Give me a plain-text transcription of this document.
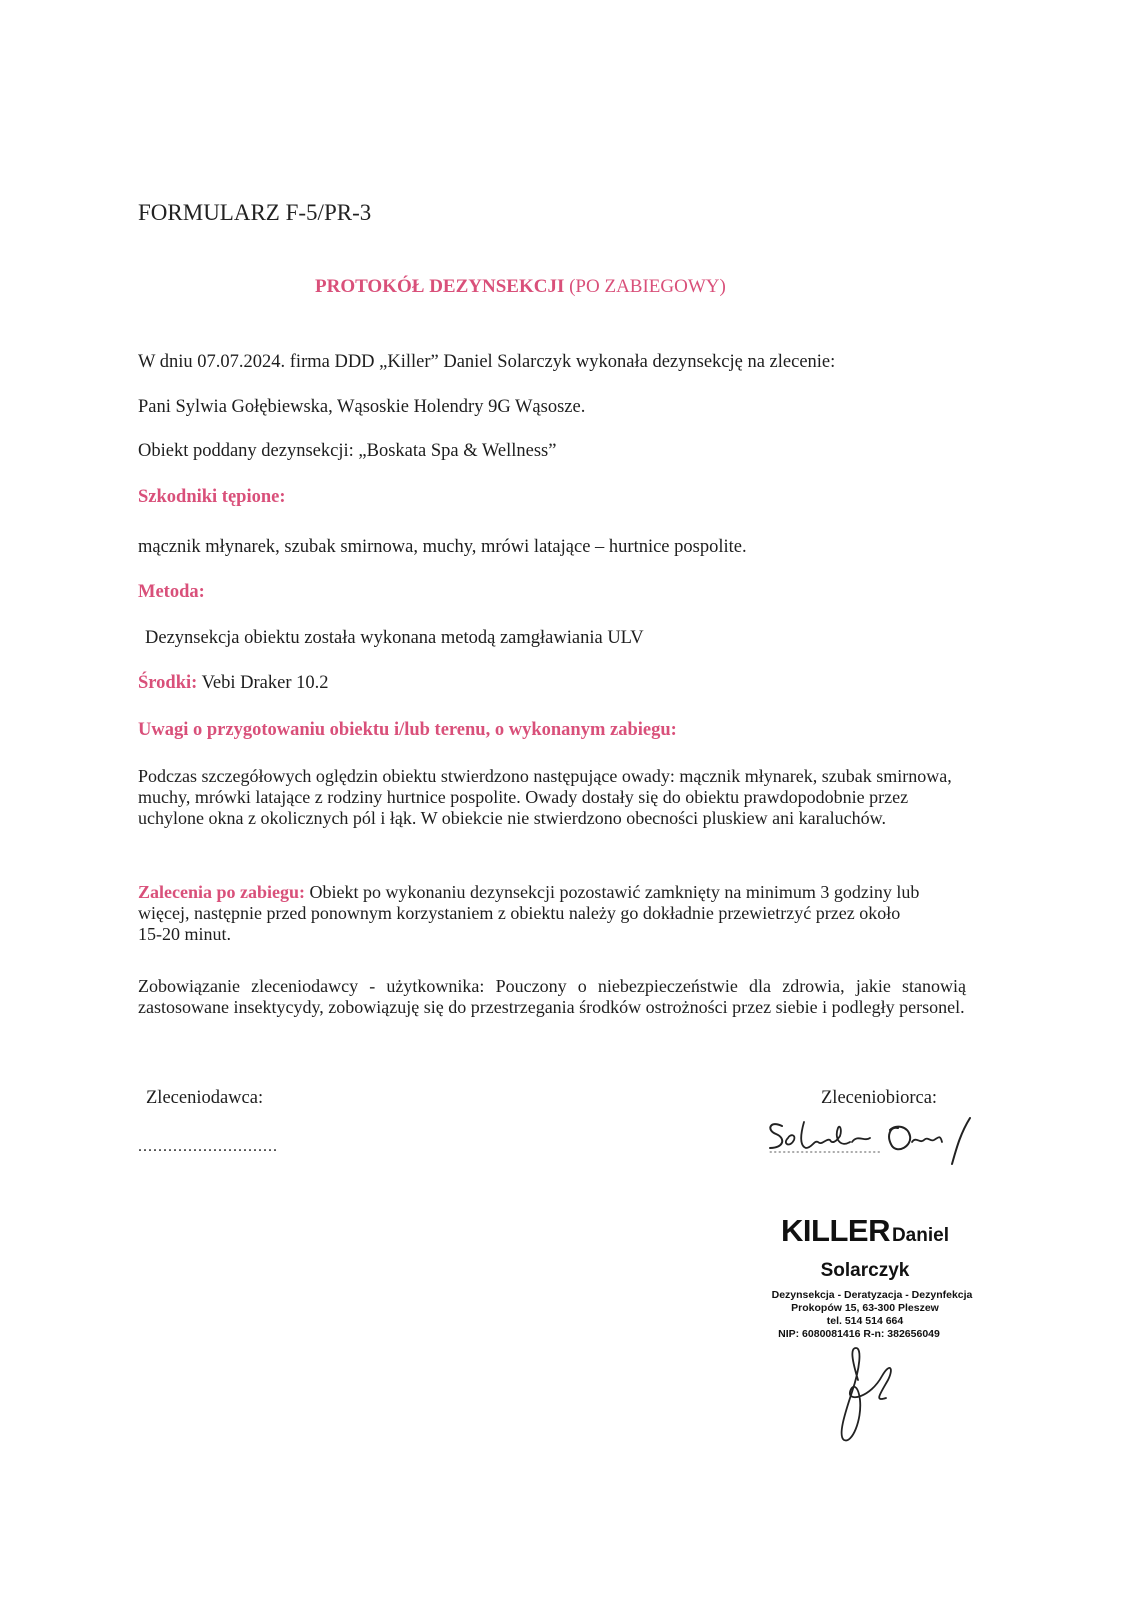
FORMULARZ F-5/PR-3
PROTOKÓŁ DEZYNSEKCJI (PO ZABIEGOWY)
W dniu 07.07.2024. firma DDD „Killer” Daniel Solarczyk wykonała dezynsekcję na zlecenie:
Pani Sylwia Gołębiewska, Wąsoskie Holendry 9G Wąsosze.
Obiekt poddany dezynsekcji: „Boskata Spa & Wellness”
Szkodniki tępione:
mącznik młynarek, szubak smirnowa, muchy, mrówi latające – hurtnice pospolite.
Metoda:
Dezynsekcja obiektu została wykonana metodą zamgławiania ULV
Środki: Vebi Draker 10.2
Uwagi o przygotowaniu obiektu i/lub terenu, o wykonanym zabiegu:
Podczas szczegółowych oględzin obiektu stwierdzono następujące owady: mącznik młynarek, szubak smirnowa, muchy, mrówki latające z rodziny hurtnice pospolite. Owady dostały się do obiektu prawdopodobnie przez uchylone okna z okolicznych pól i łąk. W obiekcie nie stwierdzono obecności pluskiew ani karaluchów.
Zalecenia po zabiegu: Obiekt po wykonaniu dezynsekcji pozostawić zamknięty na minimum 3 godziny lub więcej, następnie przed ponownym korzystaniem z obiektu należy go dokładnie przewietrzyć przez około 15-20 minut.
Zobowiązanie zleceniodawcy - użytkownika: Pouczony o niebezpieczeństwie dla zdrowia, jakie stanowią zastosowane insektycydy, zobowiązuję się do przestrzegania środków ostrożności przez siebie i podległy personel.
Zleceniodawca:
............................
Zleceniobiorca:
KILLER Daniel Solarczyk
Dezynsekcja - Deratyzacja - Dezynfekcja
Prokopów 15, 63-300 Pleszew
tel. 514 514 664
NIP: 6080081416 R-n: 382656049
